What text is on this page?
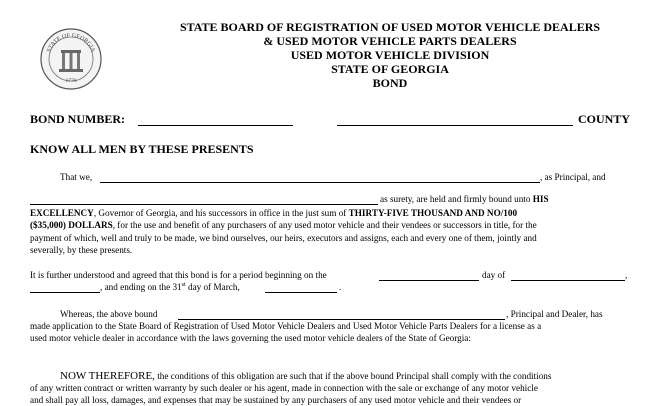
STATE OF GEORGIA
1776
STATE BOARD OF REGISTRATION OF USED MOTOR VEHICLE DEALERS
& USED MOTOR VEHICLE PARTS DEALERS
USED MOTOR VEHICLE DIVISION
STATE OF GEORGIA
BOND
BOND NUMBER:	COUNTY
KNOW ALL MEN BY THESE PRESENTS
That we,	, as Principal, and
as surety, are held and firmly bound unto HIS
EXCELLENCY, Governor of Georgia, and his successors in office in the just sum of THIRTY-FIVE THOUSAND AND NO/100
($35,000) DOLLARS, for the use and benefit of any purchasers of any used motor vehicle and their vendees or successors in title, for the
payment of which, well and truly to be made, we bind ourselves, our heirs, executors and assigns, each and every one of them, jointly and
severally, by these presents.
It is further understood and agreed that this bond is for a period beginning on the	day of	,
, and ending on the 31st day of March,	.
Whereas, the above bound	, Principal and Dealer, has
made application to the State Board of Registration of Used Motor Vehicle Dealers and Used Motor Vehicle Parts Dealers for a license as a
used motor vehicle dealer in accordance with the laws governing the used motor vehicle dealers of the State of Georgia:
NOW THEREFORE, the conditions of this obligation are such that if the above bound Principal shall comply with the conditions
of any written contract or written warranty by such dealer or his agent, made in connection with the sale or exchange of any motor vehicle
and shall pay all loss, damages, and expenses that may be sustained by any purchasers of any used motor vehicle and their vendees or
